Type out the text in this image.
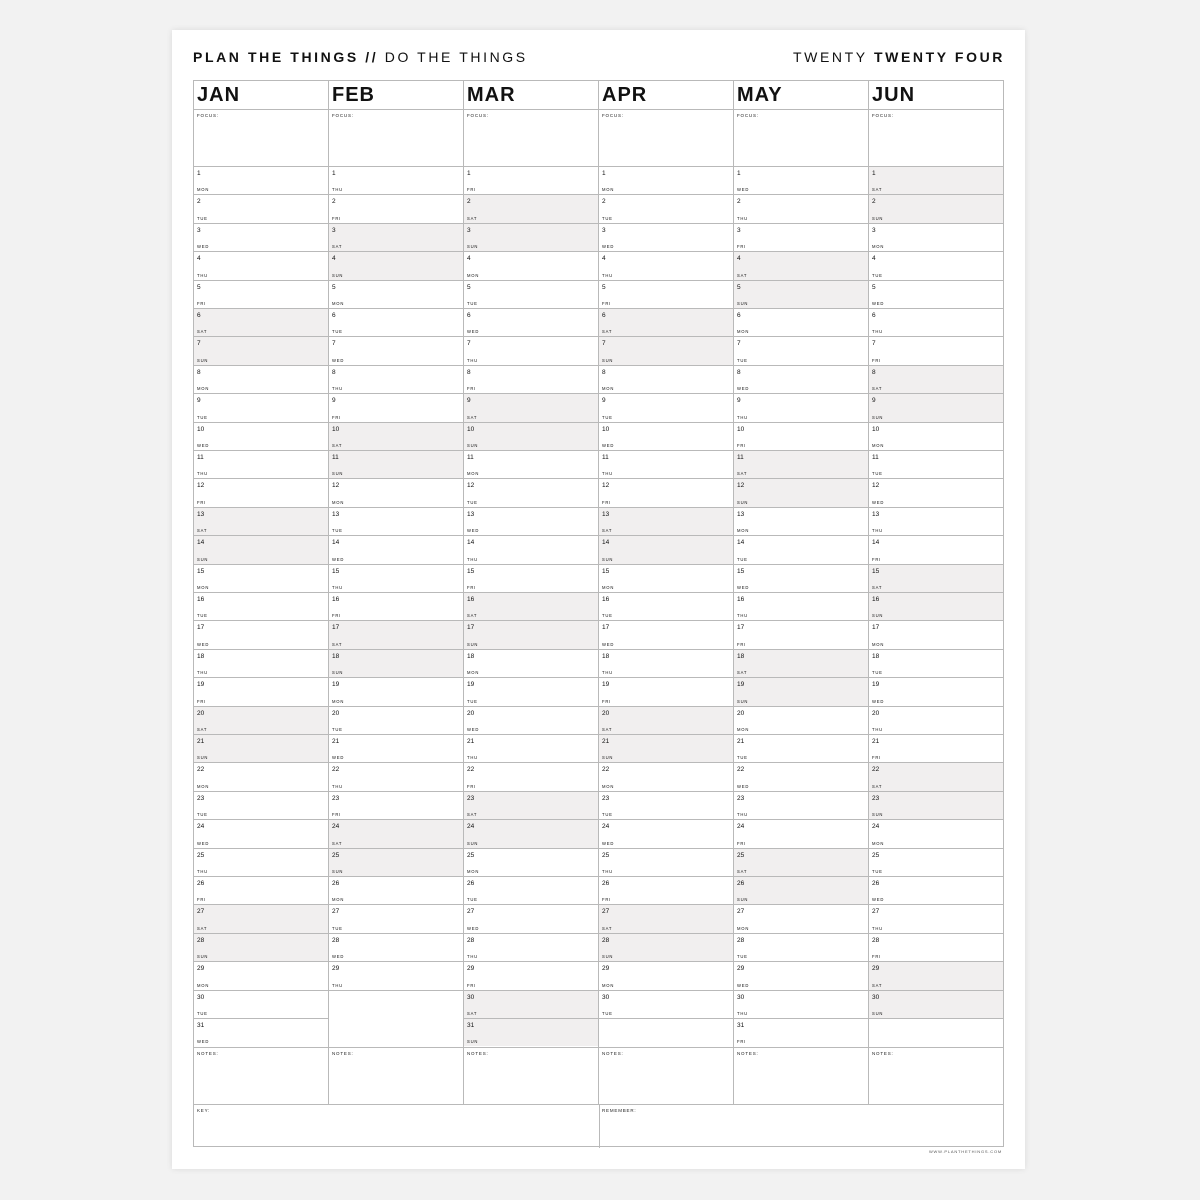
PLAN THE THINGS // DO THE THINGS	TWENTY TWENTY FOUR
JAN
FOCUS:
1
MON
2
TUE
3
WED
4
THU
5
FRI
6
SAT
7
SUN
8
MON
9
TUE
10
WED
11
THU
12
FRI
13
SAT
14
SUN
15
MON
16
TUE
17
WED
18
THU
19
FRI
20
SAT
21
SUN
22
MON
23
TUE
24
WED
25
THU
26
FRI
27
SAT
28
SUN
29
MON
30
TUE
31
WED
NOTES:
FEB
FOCUS:
1
THU
2
FRI
3
SAT
4
SUN
5
MON
6
TUE
7
WED
8
THU
9
FRI
10
SAT
11
SUN
12
MON
13
TUE
14
WED
15
THU
16
FRI
17
SAT
18
SUN
19
MON
20
TUE
21
WED
22
THU
23
FRI
24
SAT
25
SUN
26
MON
27
TUE
28
WED
29
THU
NOTES:
MAR
FOCUS:
1
FRI
2
SAT
3
SUN
4
MON
5
TUE
6
WED
7
THU
8
FRI
9
SAT
10
SUN
11
MON
12
TUE
13
WED
14
THU
15
FRI
16
SAT
17
SUN
18
MON
19
TUE
20
WED
21
THU
22
FRI
23
SAT
24
SUN
25
MON
26
TUE
27
WED
28
THU
29
FRI
30
SAT
31
SUN
NOTES:
APR
FOCUS:
1
MON
2
TUE
3
WED
4
THU
5
FRI
6
SAT
7
SUN
8
MON
9
TUE
10
WED
11
THU
12
FRI
13
SAT
14
SUN
15
MON
16
TUE
17
WED
18
THU
19
FRI
20
SAT
21
SUN
22
MON
23
TUE
24
WED
25
THU
26
FRI
27
SAT
28
SUN
29
MON
30
TUE
NOTES:
MAY
FOCUS:
1
WED
2
THU
3
FRI
4
SAT
5
SUN
6
MON
7
TUE
8
WED
9
THU
10
FRI
11
SAT
12
SUN
13
MON
14
TUE
15
WED
16
THU
17
FRI
18
SAT
19
SUN
20
MON
21
TUE
22
WED
23
THU
24
FRI
25
SAT
26
SUN
27
MON
28
TUE
29
WED
30
THU
31
FRI
NOTES:
JUN
FOCUS:
1
SAT
2
SUN
3
MON
4
TUE
5
WED
6
THU
7
FRI
8
SAT
9
SUN
10
MON
11
TUE
12
WED
13
THU
14
FRI
15
SAT
16
SUN
17
MON
18
TUE
19
WED
20
THU
21
FRI
22
SAT
23
SUN
24
MON
25
TUE
26
WED
27
THU
28
FRI
29
SAT
30
SUN
NOTES:
KEY:	REMEMBER:
WWW.PLANTHETHINGS.COM
